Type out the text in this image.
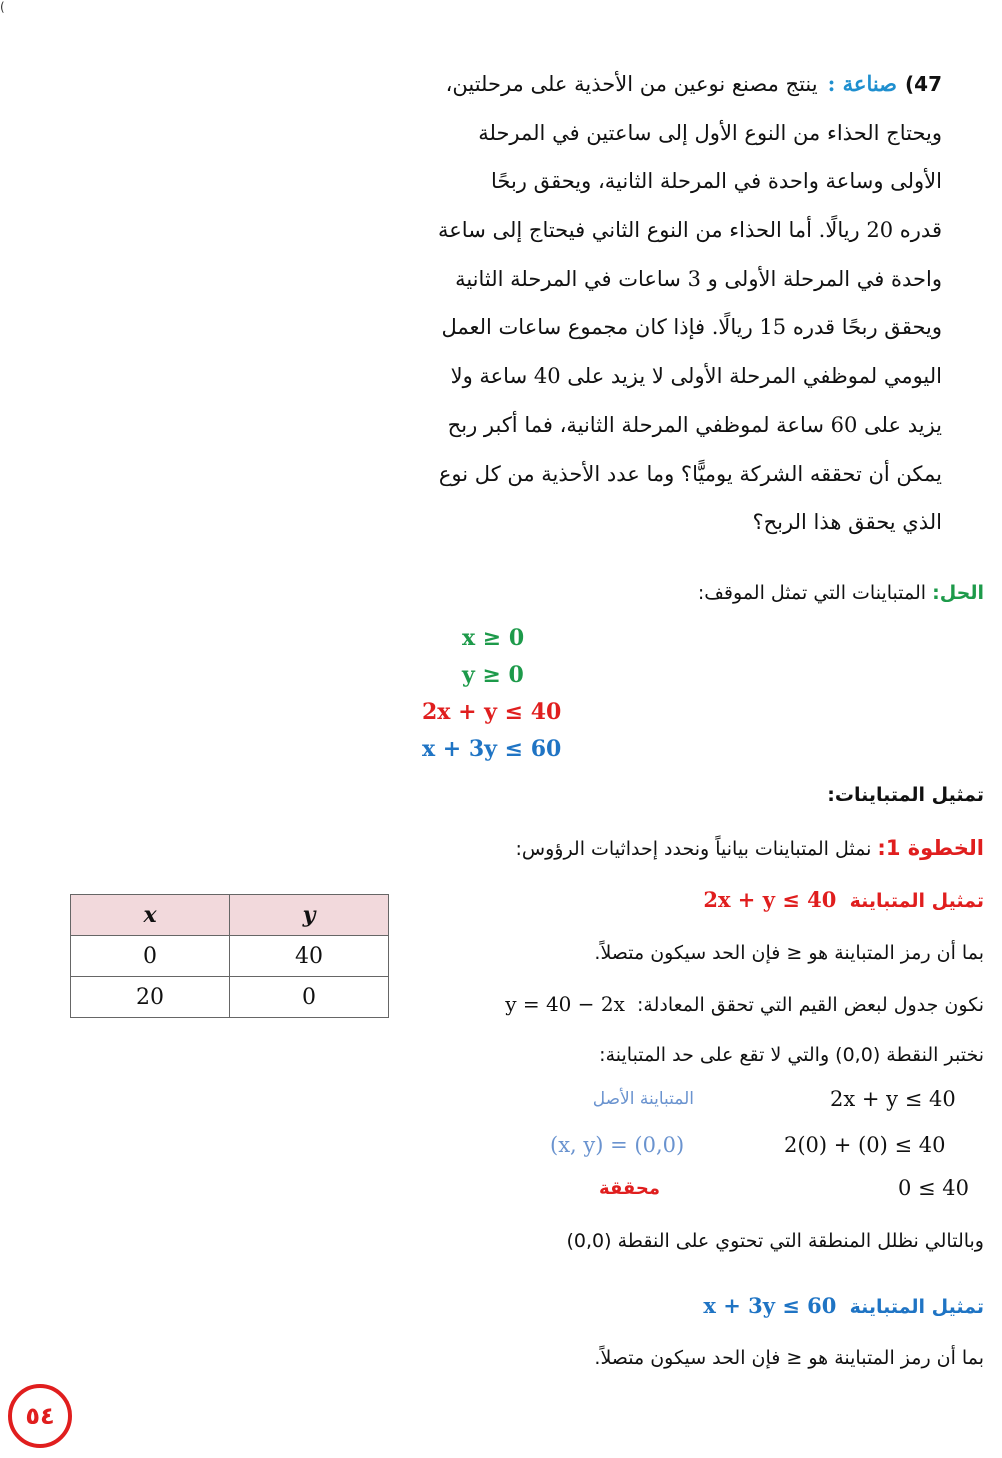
(
47)صناعة :ينتج مصنع نوعين من الأحذية على مرحلتين،
ويحتاج الحذاء من النوع الأول إلى ساعتين في المرحلة
الأولى وساعة واحدة في المرحلة الثانية، ويحقق ربحًا
قدره 20 ريالًا. أما الحذاء من النوع الثاني فيحتاج إلى ساعة
واحدة في المرحلة الأولى و 3 ساعات في المرحلة الثانية
ويحقق ربحًا قدره 15 ريالًا. فإذا كان مجموع ساعات العمل
اليومي لموظفي المرحلة الأولى لا يزيد على 40 ساعة ولا
يزيد على 60 ساعة لموظفي المرحلة الثانية، فما أكبر ربح
يمكن أن تحققه الشركة يوميًّا؟ وما عدد الأحذية من كل نوع
الذي يحقق هذا الربح؟
الحل: المتباينات التي تمثل الموقف:
x ≥ 0
y ≥ 0
2x + y ≤ 40
x + 3y ≤ 60
تمثيل المتباينات:
الخطوة 1: نمثل المتباينات بيانياً ونحدد إحداثيات الرؤوس:
تمثيل المتباينة  2x + y ≤ 40
بما أن رمز المتباينة هو ≤ فإن الحد سيكون متصلاً.
نكون جدول لبعض القيم التي تحقق المعادلة:  y = 40 − 2x
نختبر النقطة (0,0) والتي لا تقع على حد المتباينة:
2x + y ≤ 40
المتباينة الأصل
2(0) + (0) ≤ 40
(x, y) = (0,0)
0 ≤ 40
محققة
وبالتالي نظلل المنطقة التي تحتوي على النقطة (0,0)
تمثيل المتباينة  x + 3y ≤ 60
بما أن رمز المتباينة هو ≤ فإن الحد سيكون متصلاً.
x	y
0	40
20	0
٥٤
